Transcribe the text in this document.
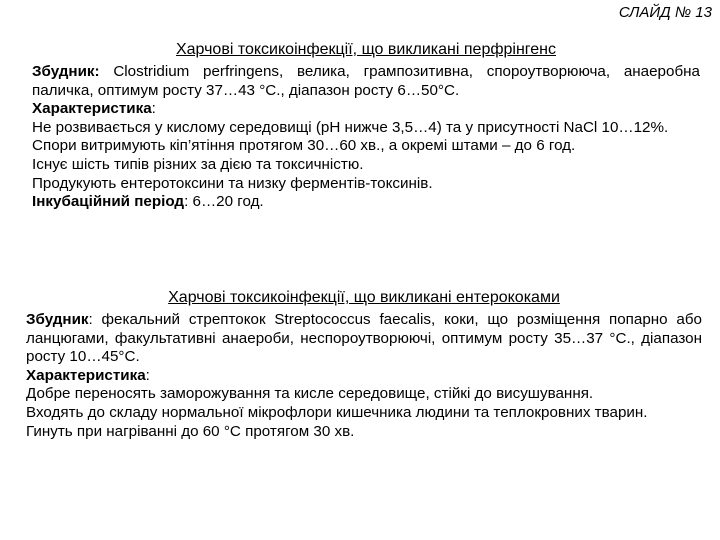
СЛАЙД № 13
Харчові токсикоінфекції, що викликані перфрінгенс

Збудник: Clostridium perfringens, велика, грампозитивна, спороутворююча, анаеробна паличка, оптимум росту 37…43 °С., діапазон росту 6…50°С.

Характеристика:

Не розвивається у кислому середовищі (рН нижче 3,5…4) та у присутності NaCl 10…12%.

Спори витримують кіп’ятіння протягом 30…60 хв., а окремі штами – до 6 год.

Існує шість типів різних за дією та токсичністю.

Продукують ентеротоксини та низку ферментів-токсинів.

Інкубаційний період: 6…20 год.

Харчові токсикоінфекції, що викликані ентерококами

Збудник: фекальний стрептокок Streptococcus faecalis, коки, що розміщення попарно або ланцюгами, факультативні анаероби, неспороутворюючі, оптимум росту 35…37 °С., діапазон росту 10…45°С.

Характеристика:

Добре переносять заморожування та кисле середовище, стійкі до висушування.

Входять до складу нормальної мікрофлори кишечника людини та теплокровних тварин.

Гинуть при нагріванні до 60 °С протягом 30 хв.
